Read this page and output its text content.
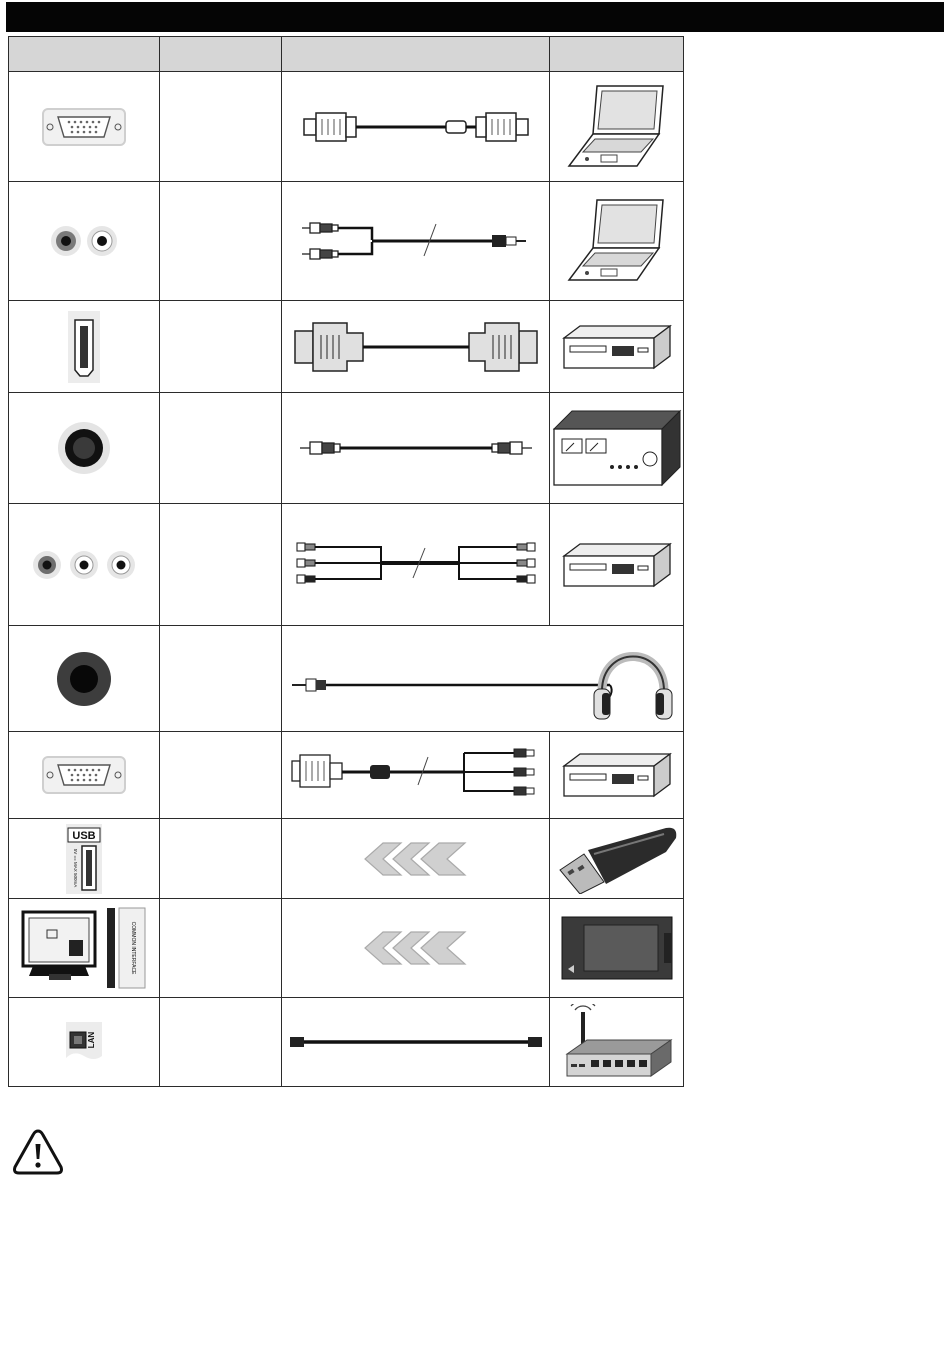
USB
5V == MAX 500mA

COMMON INTERFACE

LAN
